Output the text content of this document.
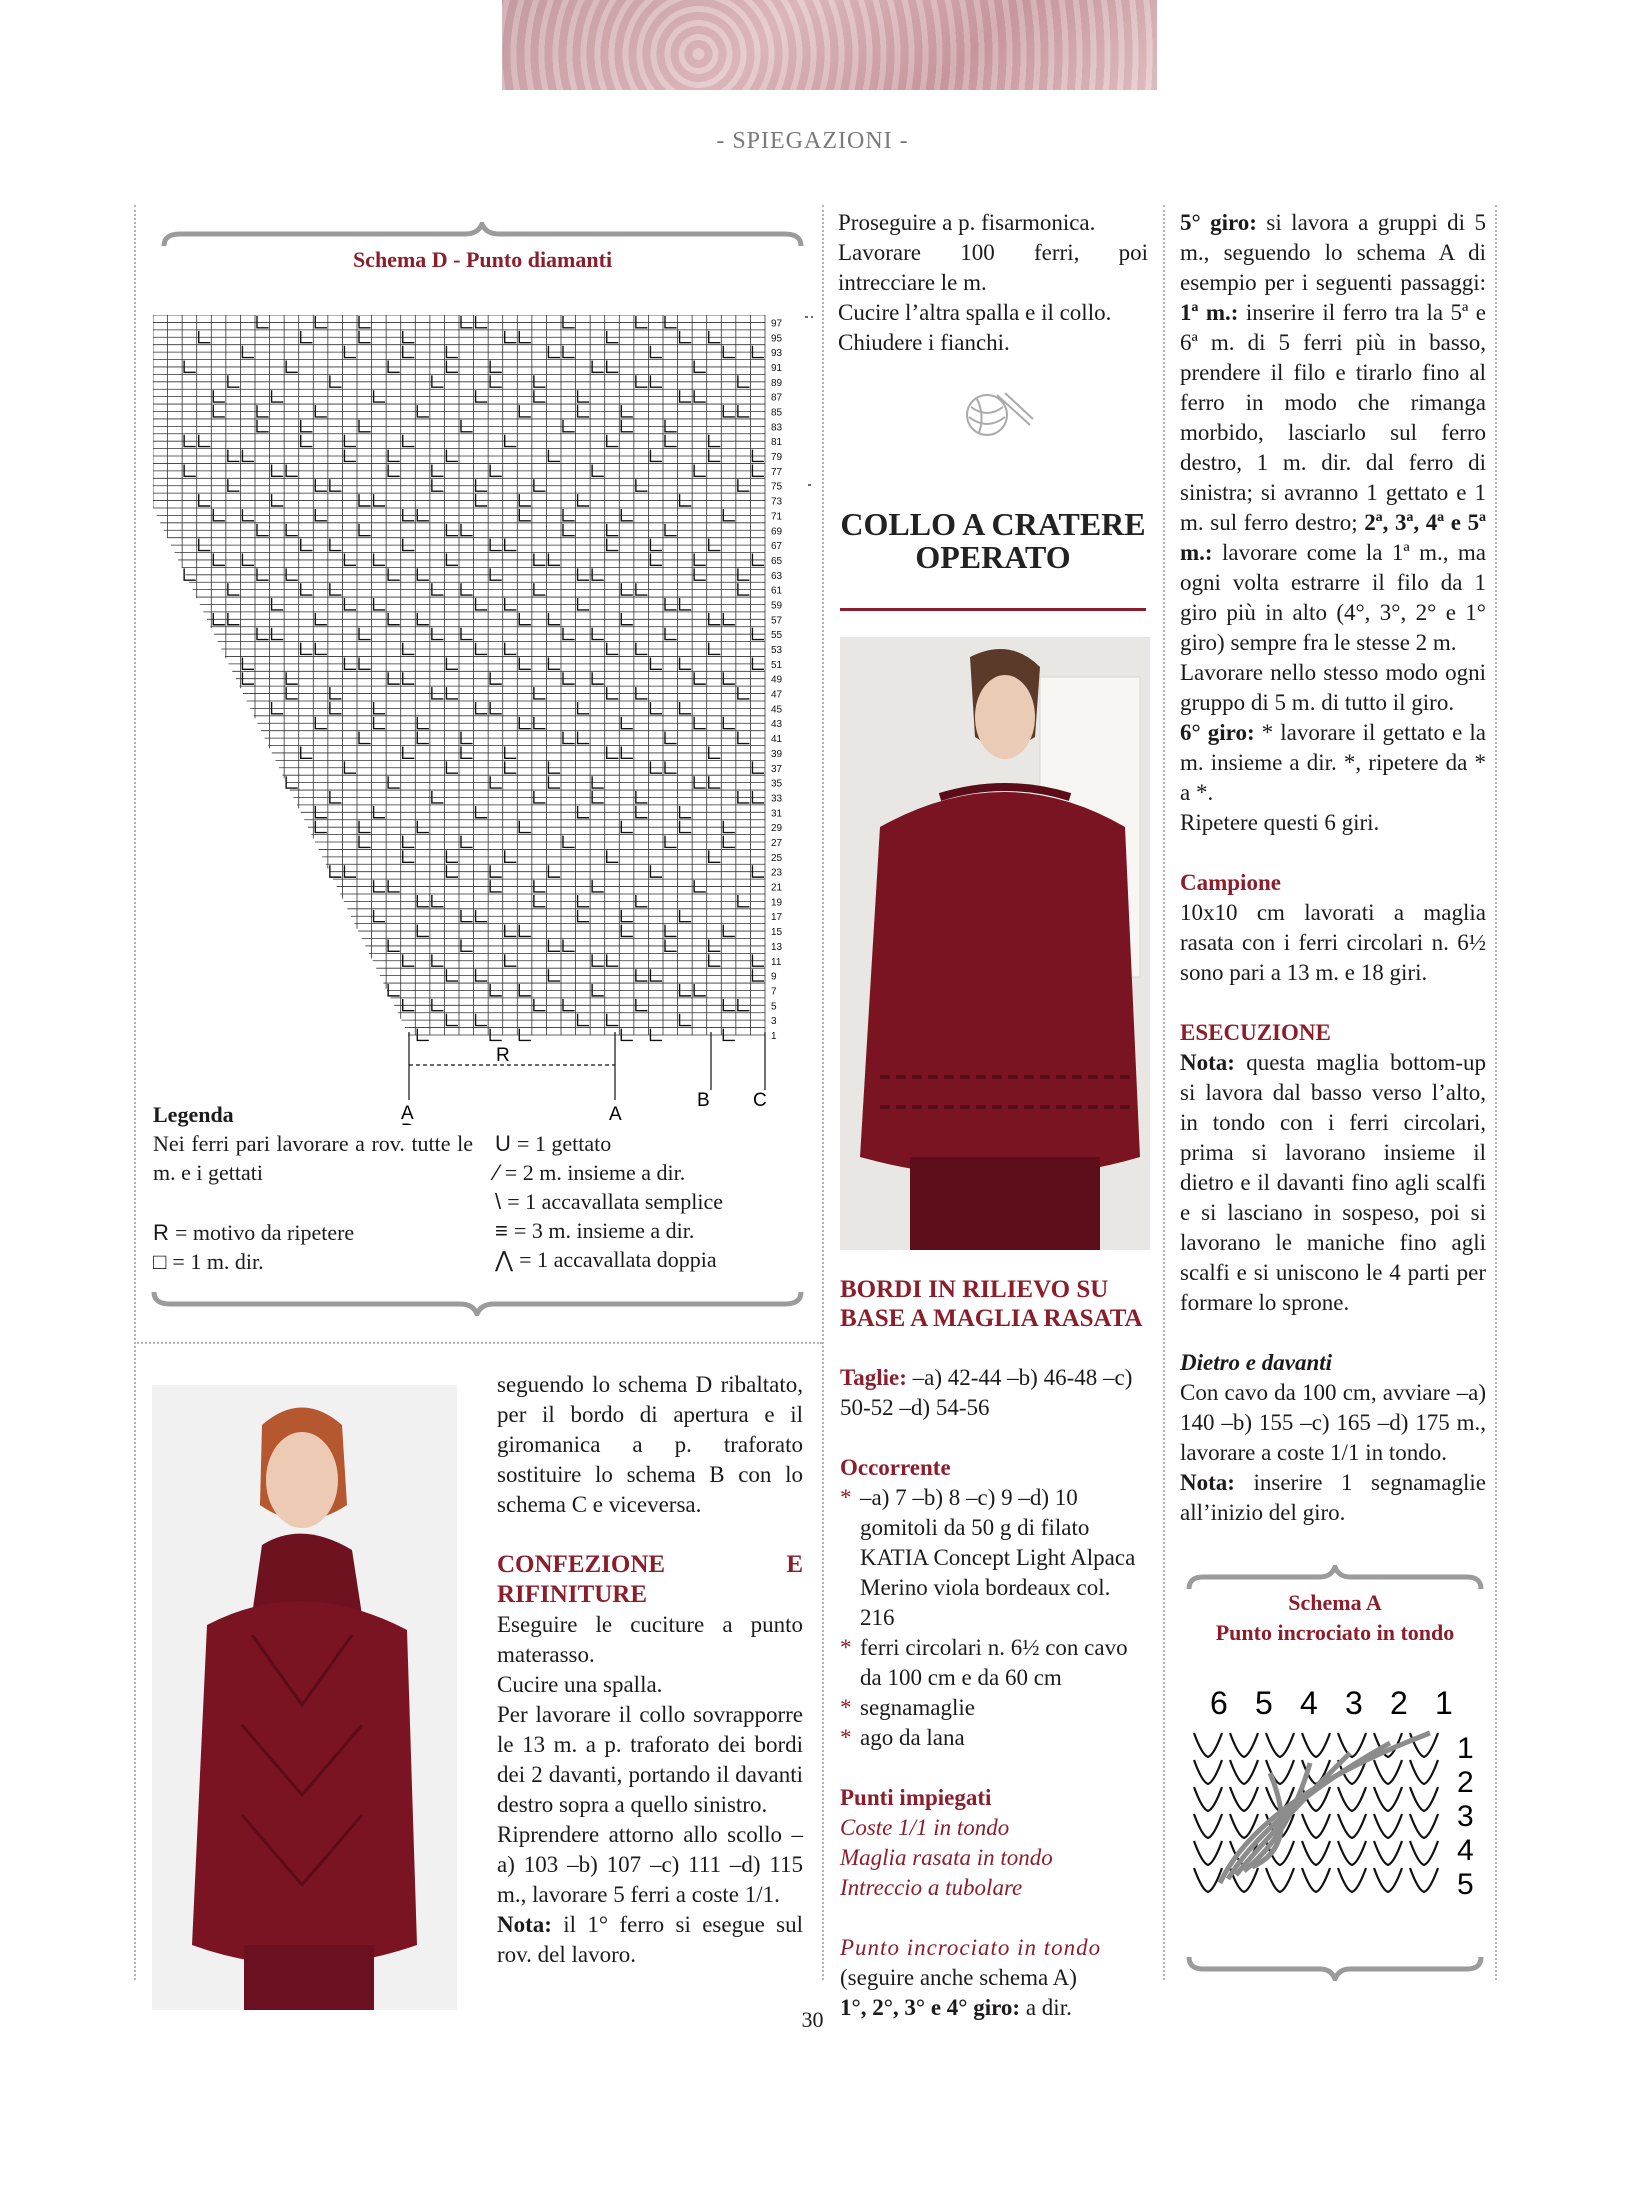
- SPIEGAZIONI -
Schema D - Punto diamanti
97
95
93
91
89
87
85
83
81
79
77
75
73
71
69
67
65
63
61
59
57
55
53
51
49
47
45
43
41
39
37
35
33
31
29
27
25
23
21
19
17
15
13
11
9
7
5
3
1
R
A
B C
A
Legenda
Nei ferri pari lavorare a rov. tutte le m. e i gettati
R = motivo da ripetere
□ = 1 m. dir.
U = 1 gettato
⁄ = 2 m. insieme a dir.
\ = 1 accavallata semplice
≡ = 3 m. insieme a dir.
⋀ = 1 accavallata doppia

seguendo lo schema D ribaltato, per il bordo di apertura e il giromanica a p. traforato sostituire lo schema B con lo schema C e viceversa.

CONFEZIONE E RIFINITURE

Eseguire le cuciture a punto materasso.

Cucire una spalla.

Per lavorare il collo sovrapporre le 13 m. a p. traforato dei bordi dei 2 davanti, portando il davanti destro sopra a quello sinistro.

Riprendere attorno allo scollo –a) 103 –b) 107 –c) 111 –d) 115 m., lavorare 5 ferri a coste 1/1.

Nota: il 1° ferro si esegue sul rov. del lavoro.

Proseguire a p. fisarmonica.

Lavorare 100 ferri, poi intrecciare le m.

Cucire l’altra spalla e il collo.

Chiudere i fianchi.

COLLO A CRATERE OPERATO

BORDI IN RILIEVO SU BASE A MAGLIA RASATA

Taglie: –a) 42-44 –b) 46-48 –c) 50-52 –d) 54-56

Occorrente

* –a) 7 –b) 8 –c) 9 –d) 10 gomitoli da 50 g di filato KATIA Concept Light Alpaca Merino viola bordeaux col. 216
* ferri circolari n. 6½ con cavo da 100 cm e da 60 cm
* segnamaglie
* ago da lana

Punti impiegati

Coste 1/1 in tondo

Maglia rasata in tondo

Intreccio a tubolare

Punto incrociato in tondo

(seguire anche schema A)

1°, 2°, 3° e 4° giro: a dir.

5° giro: si lavora a gruppi di 5 m., seguendo lo schema A di esempio per i seguenti passaggi: 1ª m.: inserire il ferro tra la 5ª e 6ª m. di 5 ferri più in basso, prendere il filo e tirarlo fino al ferro in modo che rimanga morbido, lasciarlo sul ferro destro, 1 m. dir. dal ferro di sinistra; si avranno 1 gettato e 1 m. sul ferro destro; 2ª, 3ª, 4ª e 5ª m.: lavorare come la 1ª m., ma ogni volta estrarre il filo da 1 giro più in alto (4°, 3°, 2° e 1° giro) sempre fra le stesse 2 m.

Lavorare nello stesso modo ogni gruppo di 5 m. di tutto il giro.

6° giro: * lavorare il gettato e la m. insieme a dir. *, ripetere da * a *.

Ripetere questi 6 giri.

Campione

10x10 cm lavorati a maglia rasata con i ferri circolari n. 6½ sono pari a 13 m. e 18 giri.

ESECUZIONE

Nota: questa maglia bottom-up si lavora dal basso verso l’alto, in tondo con i ferri circolari, prima si lavorano insieme il dietro e il davanti fino agli scalfi e si lasciano in sospeso, poi si lavorano le maniche fino agli scalfi e si uniscono le 4 parti per formare lo sprone.

Dietro e davanti

Con cavo da 100 cm, avviare –a) 140 –b) 155 –c) 165 –d) 175 m., lavorare a coste 1/1 in tondo.

Nota: inserire 1 segnamaglie all’inizio del giro.

Schema A
Punto incrociato in tondo
6 5 4 3 2 1
1
2
3
4
5
30
